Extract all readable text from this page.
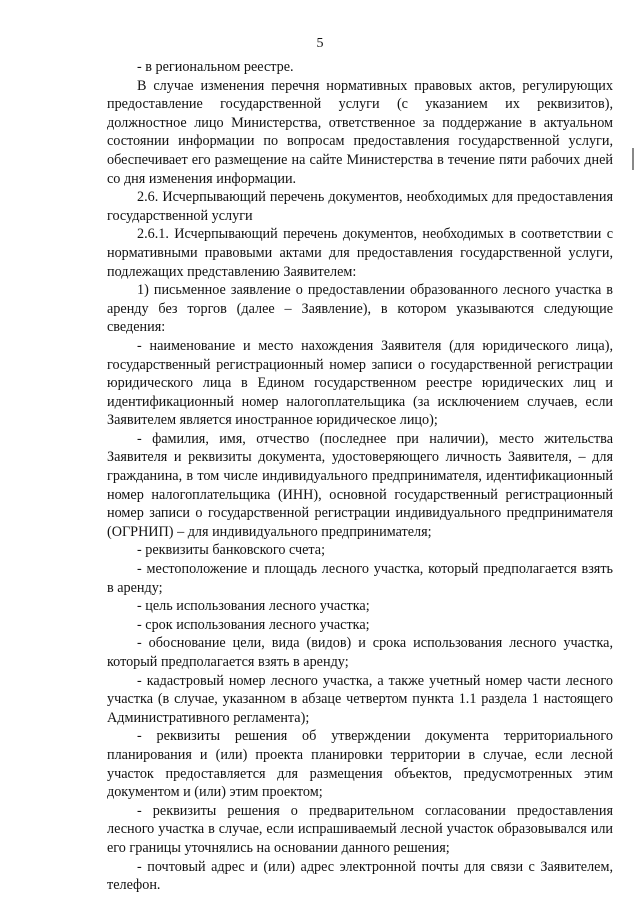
5

- в региональном реестре.

В случае изменения перечня нормативных правовых актов, регулирующих предоставление государственной услуги (с указанием их реквизитов), должностное лицо Министерства, ответственное за поддержание в актуальном состоянии информации по вопросам предоставления государственной услуги, обеспечивает его размещение на сайте Министерства в течение пяти рабочих дней со дня изменения информации.

2.6. Исчерпывающий перечень документов, необходимых для предоставления государственной услуги

2.6.1. Исчерпывающий перечень документов, необходимых в соответствии с нормативными правовыми актами для предоставления государственной услуги, подлежащих представлению Заявителем:

1) письменное заявление о предоставлении образованного лесного участка в аренду без торгов (далее – Заявление), в котором указываются следующие сведения:

- наименование и место нахождения Заявителя (для юридического лица), государственный регистрационный номер записи о государственной регистрации юридического лица в Едином государственном реестре юридических лиц и идентификационный номер налогоплательщика (за исключением случаев, если Заявителем является иностранное юридическое лицо);

- фамилия, имя, отчество (последнее при наличии), место жительства Заявителя и реквизиты документа, удостоверяющего личность Заявителя, – для гражданина, в том числе индивидуального предпринимателя, идентификационный номер налогоплательщика (ИНН), основной государственный регистрационный номер записи о государственной регистрации индивидуального предпринимателя (ОГРНИП) – для индивидуального предпринимателя;

- реквизиты банковского счета;

- местоположение и площадь лесного участка, который предполагается взять в аренду;

- цель использования лесного участка;

- срок использования лесного участка;

- обоснование цели, вида (видов) и срока использования лесного участка, который предполагается взять в аренду;

- кадастровый номер лесного участка, а также учетный номер части лесного участка (в случае, указанном в абзаце четвертом пункта 1.1 раздела 1 настоящего Административного регламента);

- реквизиты решения об утверждении документа территориального планирования и (или) проекта планировки территории в случае, если лесной участок предоставляется для размещения объектов, предусмотренных этим документом и (или) этим проектом;

- реквизиты решения о предварительном согласовании предоставления лесного участка в случае, если испрашиваемый лесной участок образовывался или его границы уточнялись на основании данного решения;

- почтовый адрес и (или) адрес электронной почты для связи с Заявителем, телефон.
